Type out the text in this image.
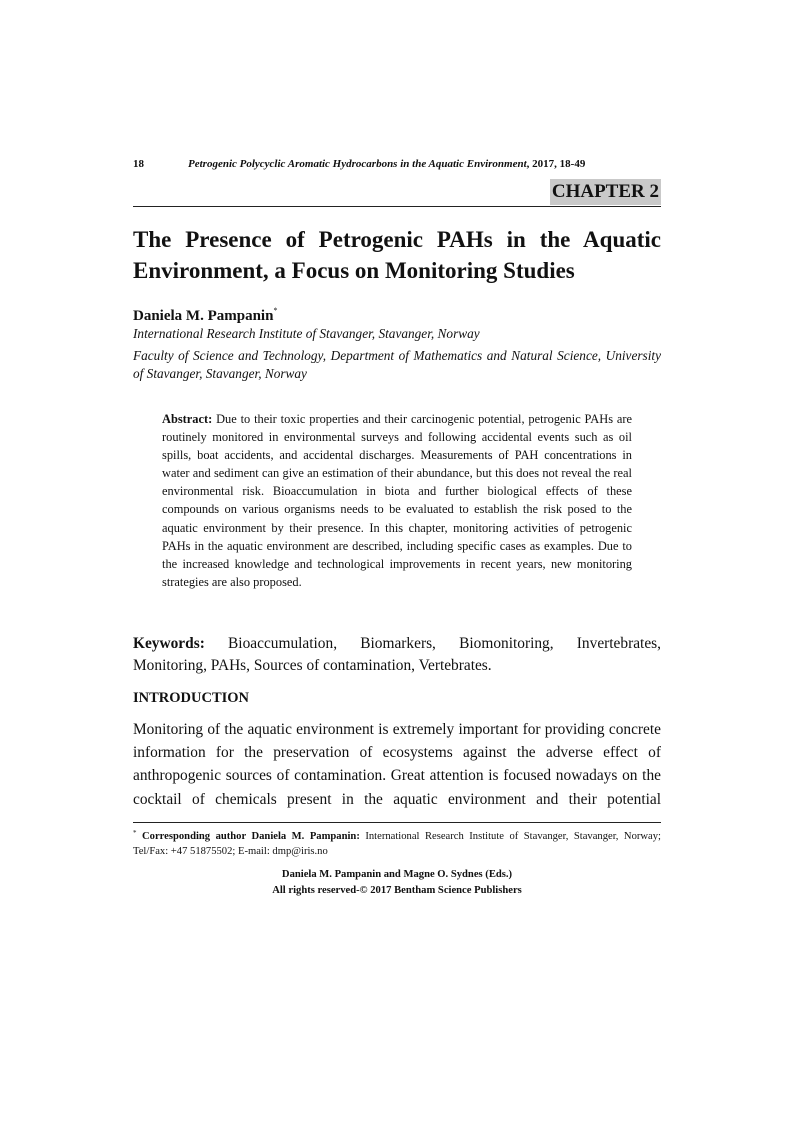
18	Petrogenic Polycyclic Aromatic Hydrocarbons in the Aquatic Environment, 2017, 18-49
CHAPTER 2
The Presence of Petrogenic PAHs in the Aquatic Environment, a Focus on Monitoring Studies
Daniela M. Pampanin*

International Research Institute of Stavanger, Stavanger, Norway

Faculty of Science and Technology, Department of Mathematics and Natural Science, University of Stavanger, Stavanger, Norway

Abstract: Due to their toxic properties and their carcinogenic potential, petrogenic PAHs are routinely monitored in environmental surveys and following accidental events such as oil spills, boat accidents, and accidental discharges. Measurements of PAH concentrations in water and sediment can give an estimation of their abundance, but this does not reveal the real environmental risk. Bioaccumulation in biota and further biological effects of these compounds on various organisms needs to be evaluated to establish the risk posed to the aquatic environment by their presence. In this chapter, monitoring activities of petrogenic PAHs in the aquatic environment are described, including specific cases as examples. Due to the increased knowledge and technological improvements in recent years, new monitoring strategies are also proposed.

Keywords: Bioaccumulation, Biomarkers, Biomonitoring, Invertebrates, Monitoring, PAHs, Sources of contamination, Vertebrates.

INTRODUCTION

Monitoring of the aquatic environment is extremely important for providing concrete information for the preservation of ecosystems against the adverse effect of anthropogenic sources of contamination. Great attention is focused nowadays on the cocktail of chemicals present in the aquatic environment and their potential

* Corresponding author Daniela M. Pampanin: International Research Institute of Stavanger, Stavanger, Norway; Tel/Fax: +47 51875502; E-mail: dmp@iris.no

Daniela M. Pampanin and Magne O. Sydnes (Eds.)
All rights reserved-© 2017 Bentham Science Publishers
